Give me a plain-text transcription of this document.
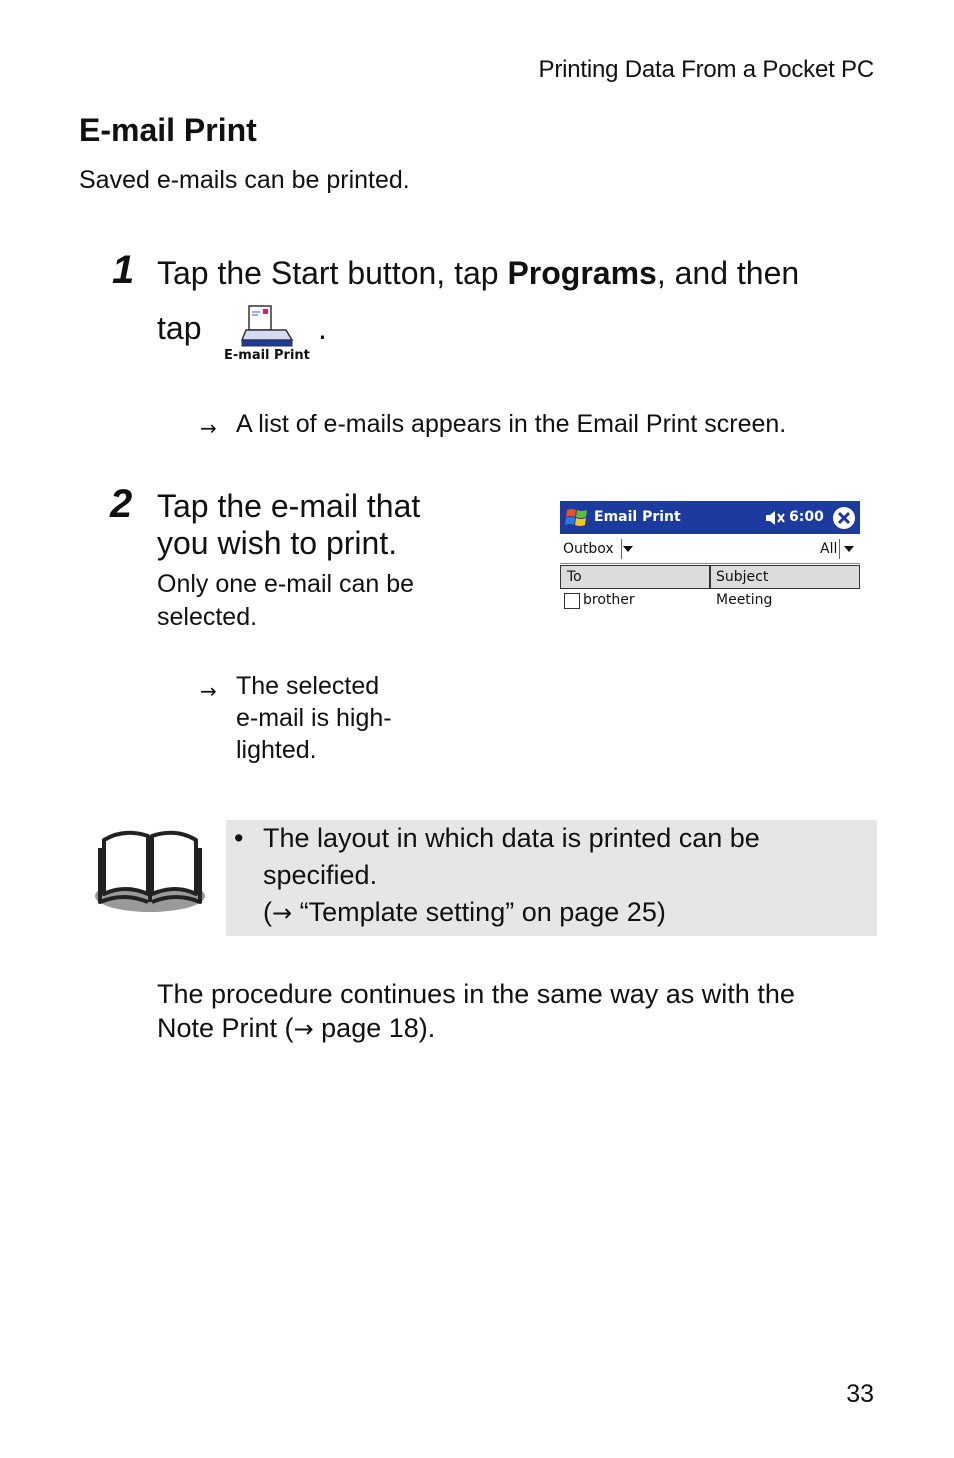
Printing Data From a Pocket PC
E-mail Print
Saved e-mails can be printed.
1 Tap the Start button, tap Programs, and then
tap	.
E-mail Print
→ A list of e-mails appears in the Email Print screen.
2 Tap the e-mail that
you wish to print.
Only one e-mail can be
selected.
→ The selected
e-mail is high-
lighted.
Email Print	6:00
Outbox	All
To	Subject
brother	Meeting
• The layout in which data is printed can be
specified.
(→ “Template setting” on page 25)
The procedure continues in the same way as with the
Note Print (→ page 18).
33
